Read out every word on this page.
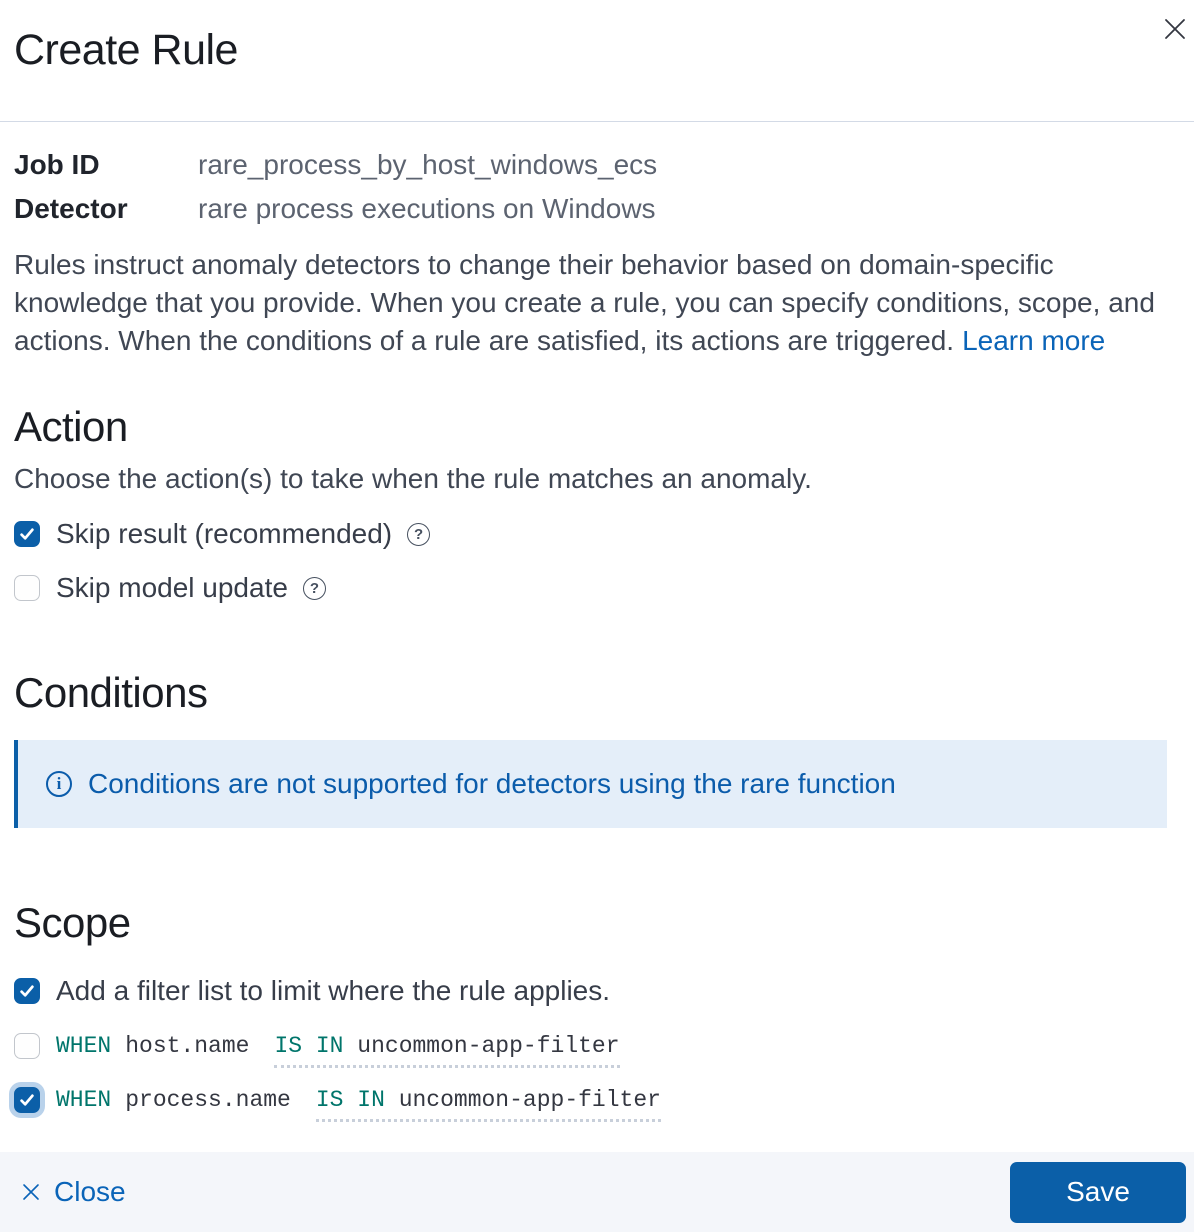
Create Rule
Job ID	rare_process_by_host_windows_ecs
Detector	rare process executions on Windows

Rules instruct anomaly detectors to change their behavior based on domain-specific knowledge that you provide. When you create a rule, you can specify conditions, scope, and actions. When the conditions of a rule are satisfied, its actions are triggered. Learn more

Action
Choose the action(s) to take when the rule matches an anomaly.
Skip result (recommended)	?
Skip model update	?
Conditions
i Conditions are not supported for detectors using the rare function
Scope
Add a filter list to limit where the rule applies.
WHEN host.name IS IN uncommon-app-filter
WHEN process.name IS IN uncommon-app-filter
Close	Save
